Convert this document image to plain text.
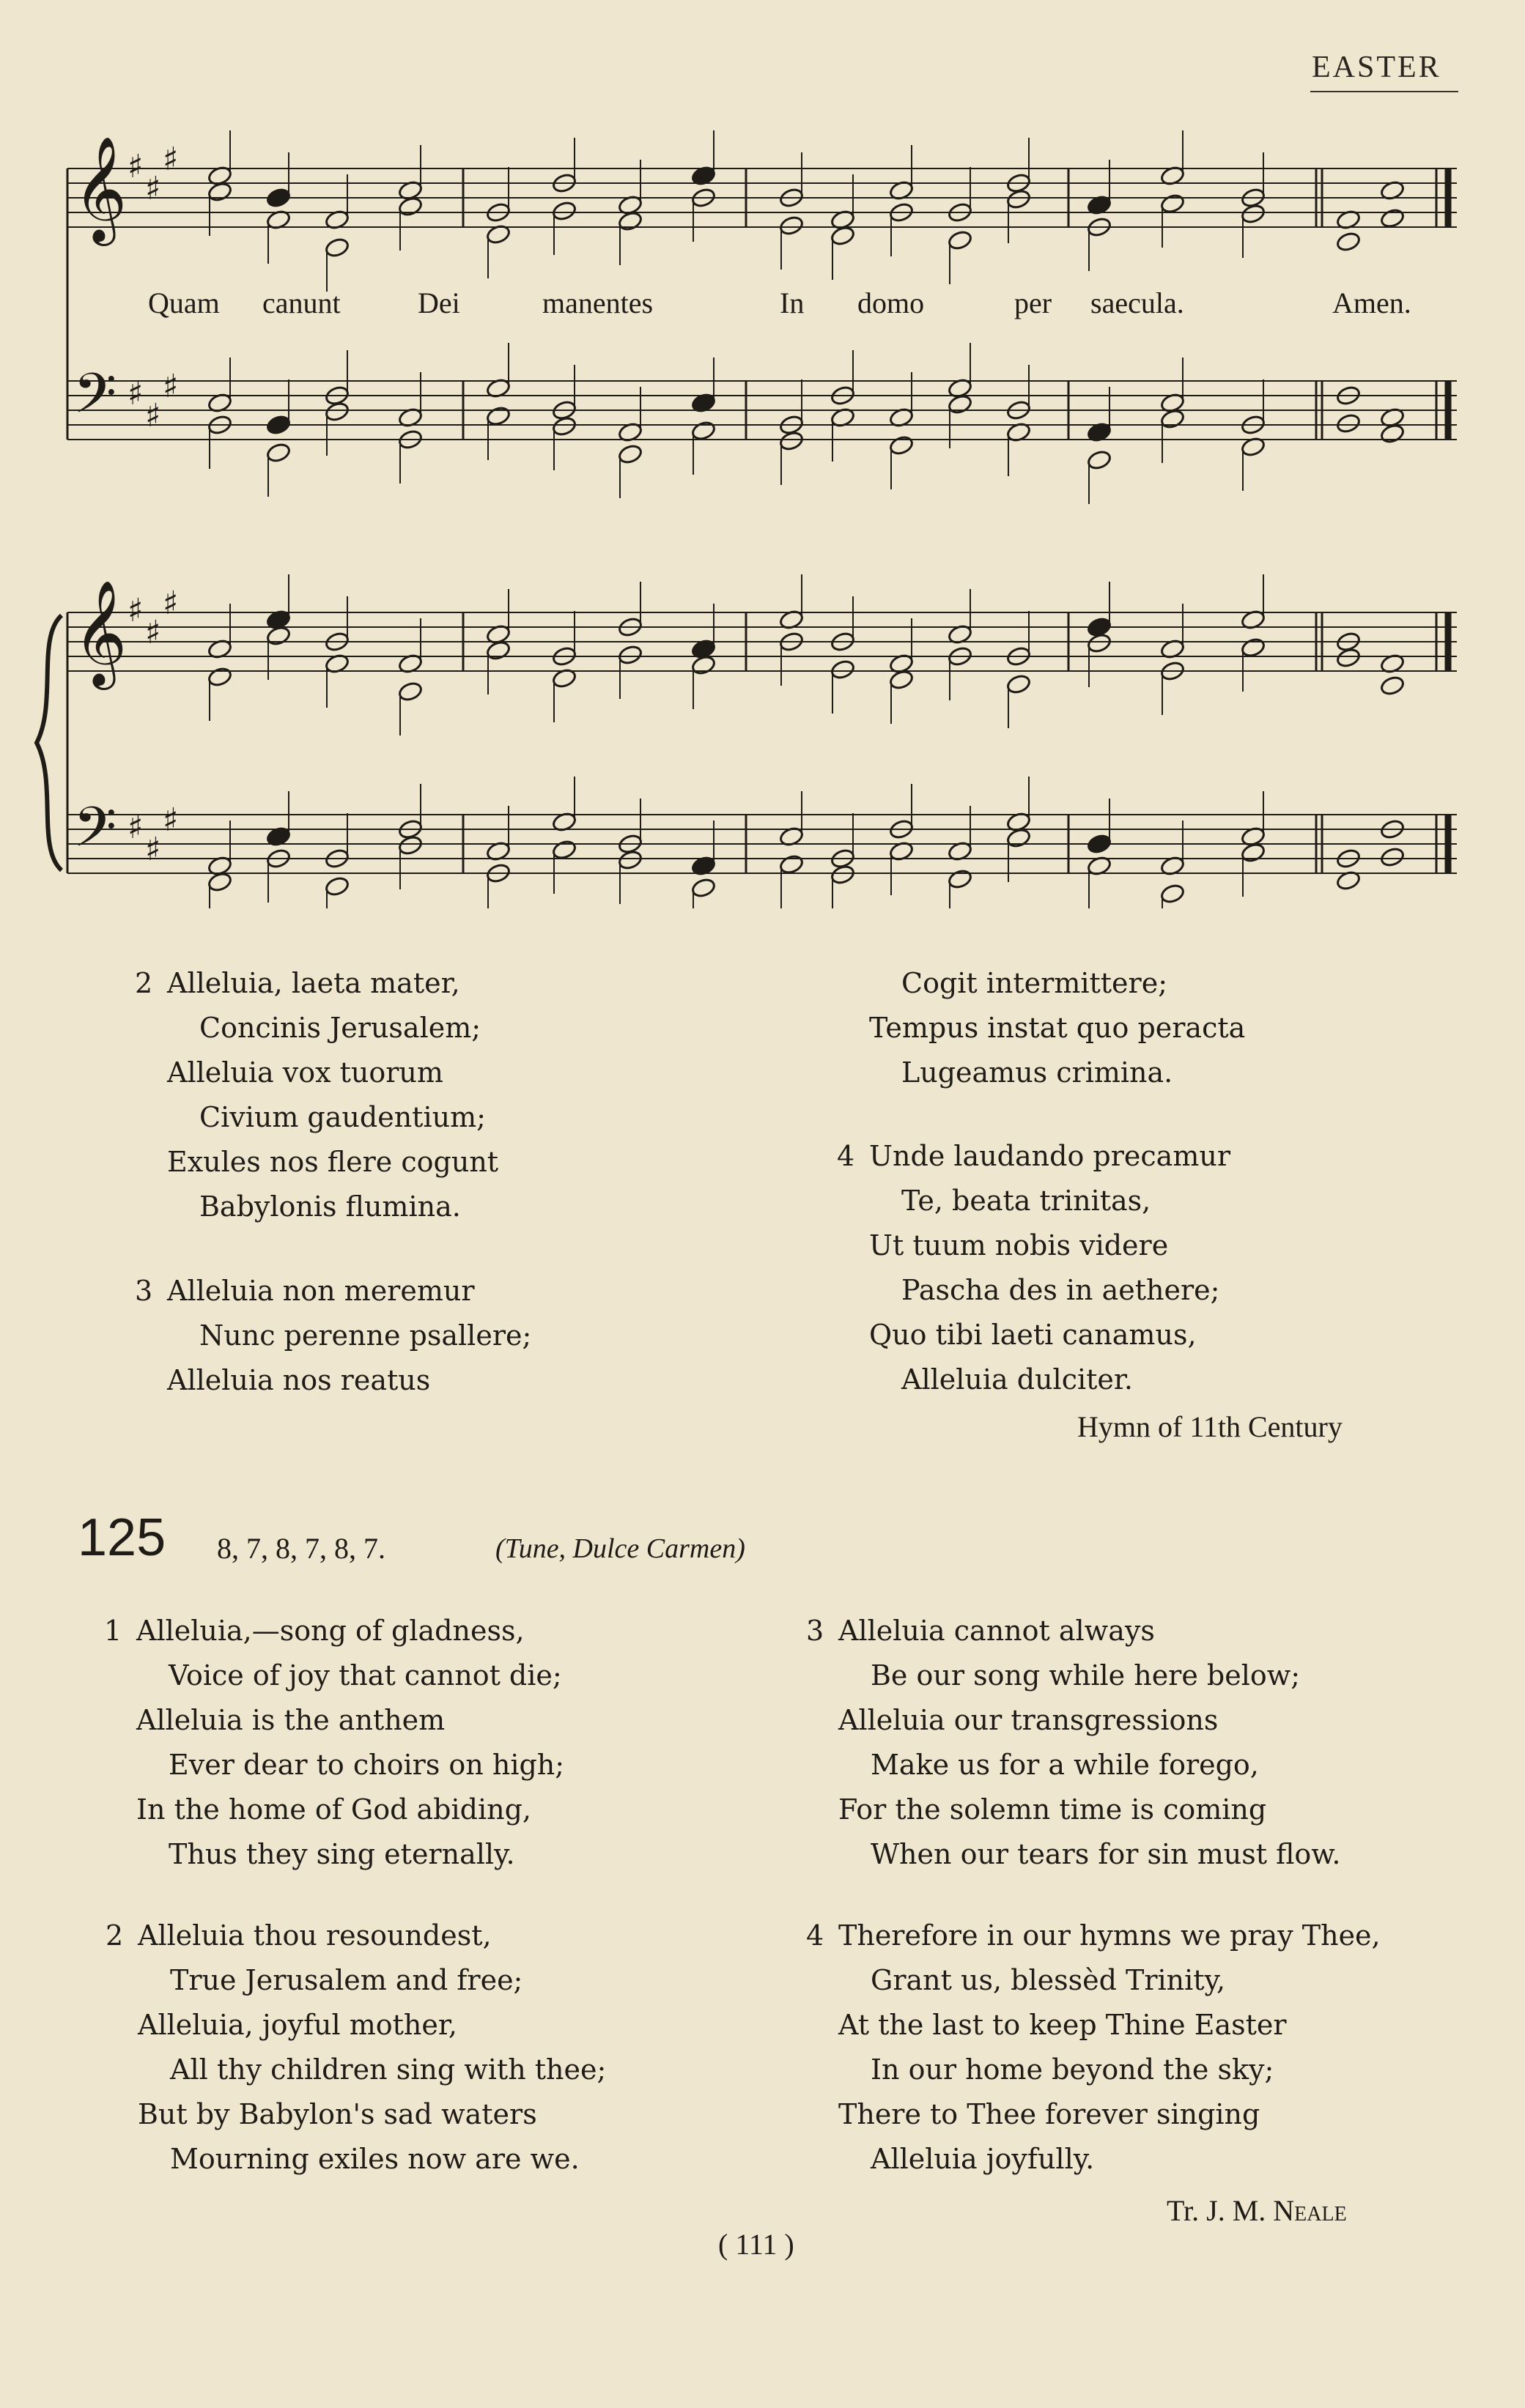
EASTER
𝄞 ♯
♯
♯
𝄢 ♯
♯
♯
𝄞 ♯
♯
♯
𝄢 ♯
♯
♯
Quam canunt	Dei	manentes	In domo	per saecula.	Amen.
2 Alleluia, laeta mater,
Concinis Jerusalem;
Alleluia vox tuorum
Civium gaudentium;
Exules nos flere cogunt
Babylonis flumina.
3 Alleluia non meremur
Nunc perenne psallere;
Alleluia nos reatus
Cogit intermittere;
Tempus instat quo peracta
Lugeamus crimina.
4 Unde laudando precamur
Te, beata trinitas,
Ut tuum nobis videre
Pascha des in aethere;
Quo tibi laeti canamus,
Alleluia dulciter.
Hymn of 11th Century
125 8, 7, 8, 7, 8, 7.	(Tune, Dulce Carmen)
1 Alleluia,—song of gladness,
Voice of joy that cannot die;
Alleluia is the anthem
Ever dear to choirs on high;
In the home of God abiding,
Thus they sing eternally.
2 Alleluia thou resoundest,
True Jerusalem and free;
Alleluia, joyful mother,
All thy children sing with thee;
But by Babylon's sad waters
Mourning exiles now are we.
3 Alleluia cannot always
Be our song while here below;
Alleluia our transgressions
Make us for a while forego,
For the solemn time is coming
When our tears for sin must flow.
4 Therefore in our hymns we pray Thee,
Grant us, blessèd Trinity,
At the last to keep Thine Easter
In our home beyond the sky;
There to Thee forever singing
Alleluia joyfully.
Tr. J. M. Neale
( 111 )
